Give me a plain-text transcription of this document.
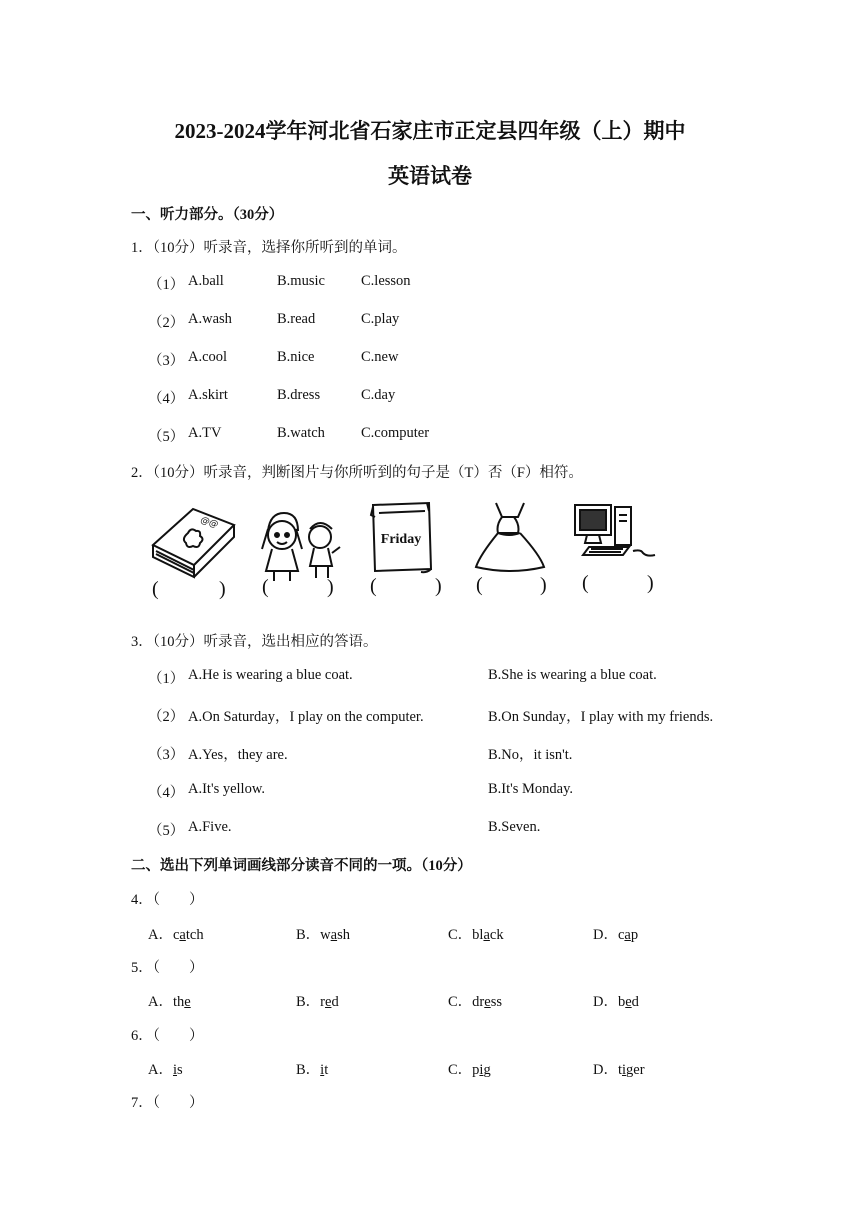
2023-2024学年河北省石家庄市正定县四年级（上）期中
英语试卷
一、听力部分。（30分）
1．（10分）听录音，选择你所听到的单词。
（1） A.ball	B.music C.lesson
（2） A.wash	B.read	C.play
（3） A.cool	B.nice	C.new
（4） A.skirt	B.dress	C.day
（5） A.TV	B.watch C.computer
2．（10分）听录音，判断图片与你所听到的句子是（T）否（F）相符。
@@
Friday
(	) (	) (	) (	) (	)
3．（10分）听录音，选出相应的答语。
（1） A.He is wearing a blue coat.	B.She is wearing a blue coat.
（2） A.On Saturday，I play on the computer.	B.On Sunday，I play with my friends.
（3） A.Yes，they are.	B.No，it isn't.
（4） A.It's yellow.	B.It's Monday.
（5） A.Five.	B.Seven.
二、选出下列单词画线部分读音不同的一项。（10分）
4．（　　）
A．catch	B．wash	C．black	D．cap
5．（　　）
A．the	B．red	C．dress	D．bed
6．（　　）
A．is	B．it	C．pig	D．tiger
7．（　　）
